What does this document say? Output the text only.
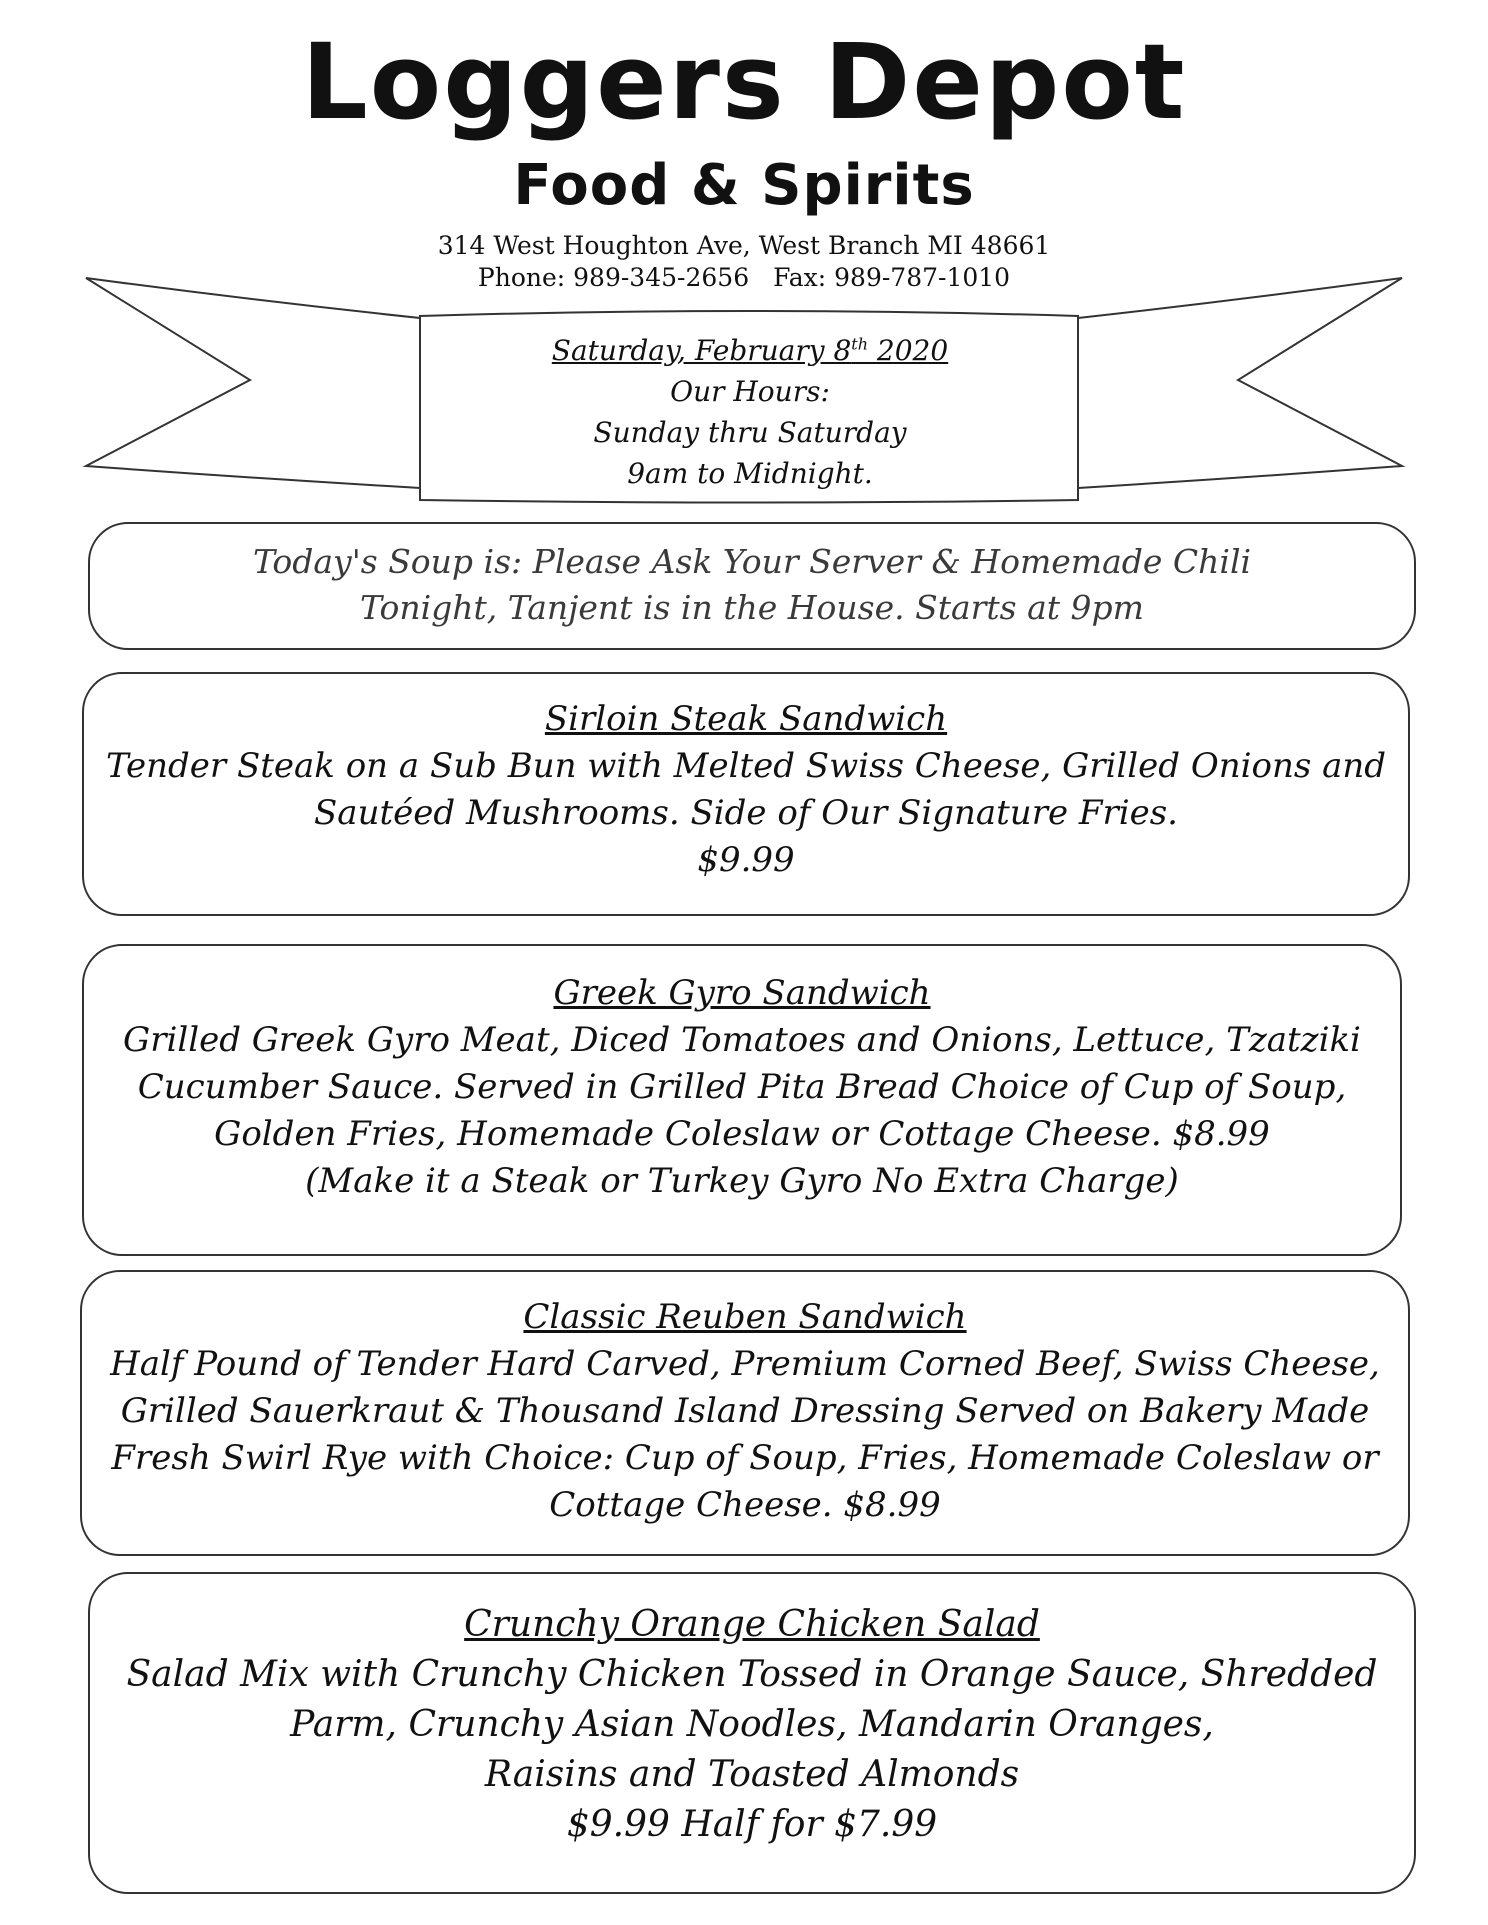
Loggers Depot
Food & Spirits
314 West Houghton Ave, West Branch MI 48661
Phone: 989-345-2656 Fax: 989-787-1010
Saturday, February 8th 2020
Our Hours:
Sunday thru Saturday
9am to Midnight.
Today's Soup is: Please Ask Your Server & Homemade Chili
Tonight, Tanjent is in the House. Starts at 9pm
Sirloin Steak Sandwich
Tender Steak on a Sub Bun with Melted Swiss Cheese, Grilled Onions and
Sautéed Mushrooms. Side of Our Signature Fries.
$9.99
Greek Gyro Sandwich
Grilled Greek Gyro Meat, Diced Tomatoes and Onions, Lettuce, Tzatziki
Cucumber Sauce. Served in Grilled Pita Bread Choice of Cup of Soup,
Golden Fries, Homemade Coleslaw or Cottage Cheese. $8.99
(Make it a Steak or Turkey Gyro No Extra Charge)
Classic Reuben Sandwich
Half Pound of Tender Hard Carved, Premium Corned Beef, Swiss Cheese,
Grilled Sauerkraut & Thousand Island Dressing Served on Bakery Made
Fresh Swirl Rye with Choice: Cup of Soup, Fries, Homemade Coleslaw or
Cottage Cheese. $8.99
Crunchy Orange Chicken Salad
Salad Mix with Crunchy Chicken Tossed in Orange Sauce, Shredded
Parm, Crunchy Asian Noodles, Mandarin Oranges,
Raisins and Toasted Almonds
$9.99 Half for $7.99
